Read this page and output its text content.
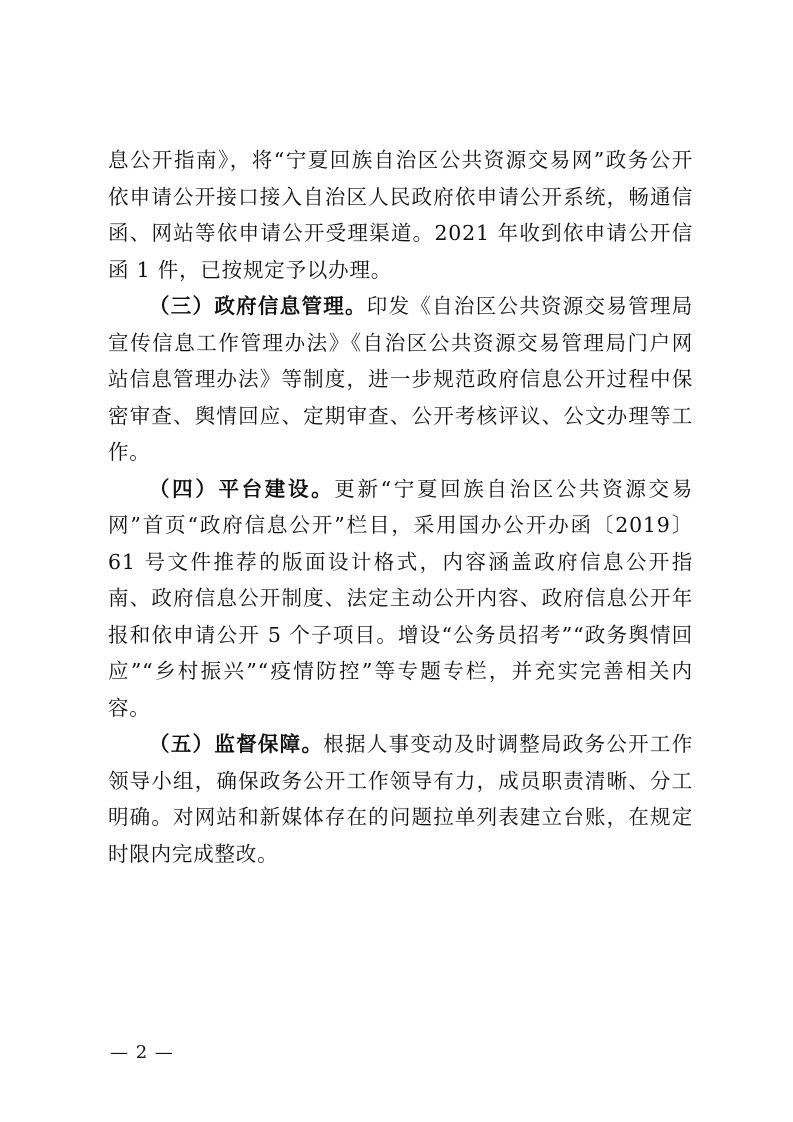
息公开指南》，将“宁夏回族自治区公共资源交易网”政务公开依申请公开接口接入自治区人民政府依申请公开系统，畅通信函、网站等依申请公开受理渠道。2021 年收到依申请公开信函 1 件，已按规定予以办理。

（三）政府信息管理。印发《自治区公共资源交易管理局宣传信息工作管理办法》《自治区公共资源交易管理局门户网站信息管理办法》等制度，进一步规范政府信息公开过程中保密审查、舆情回应、定期审查、公开考核评议、公文办理等工作。

（四）平台建设。更新“宁夏回族自治区公共资源交易网”首页“政府信息公开”栏目，采用国办公开办函〔2019〕61 号文件推荐的版面设计格式，内容涵盖政府信息公开指南、政府信息公开制度、法定主动公开内容、政府信息公开年报和依申请公开 5 个子项目。增设“公务员招考”“政务舆情回应”“乡村振兴”“疫情防控”等专题专栏，并充实完善相关内容。

（五）监督保障。根据人事变动及时调整局政务公开工作领导小组，确保政务公开工作领导有力，成员职责清晰、分工明确。对网站和新媒体存在的问题拉单列表建立台账，在规定时限内完成整改。

— 2 —
